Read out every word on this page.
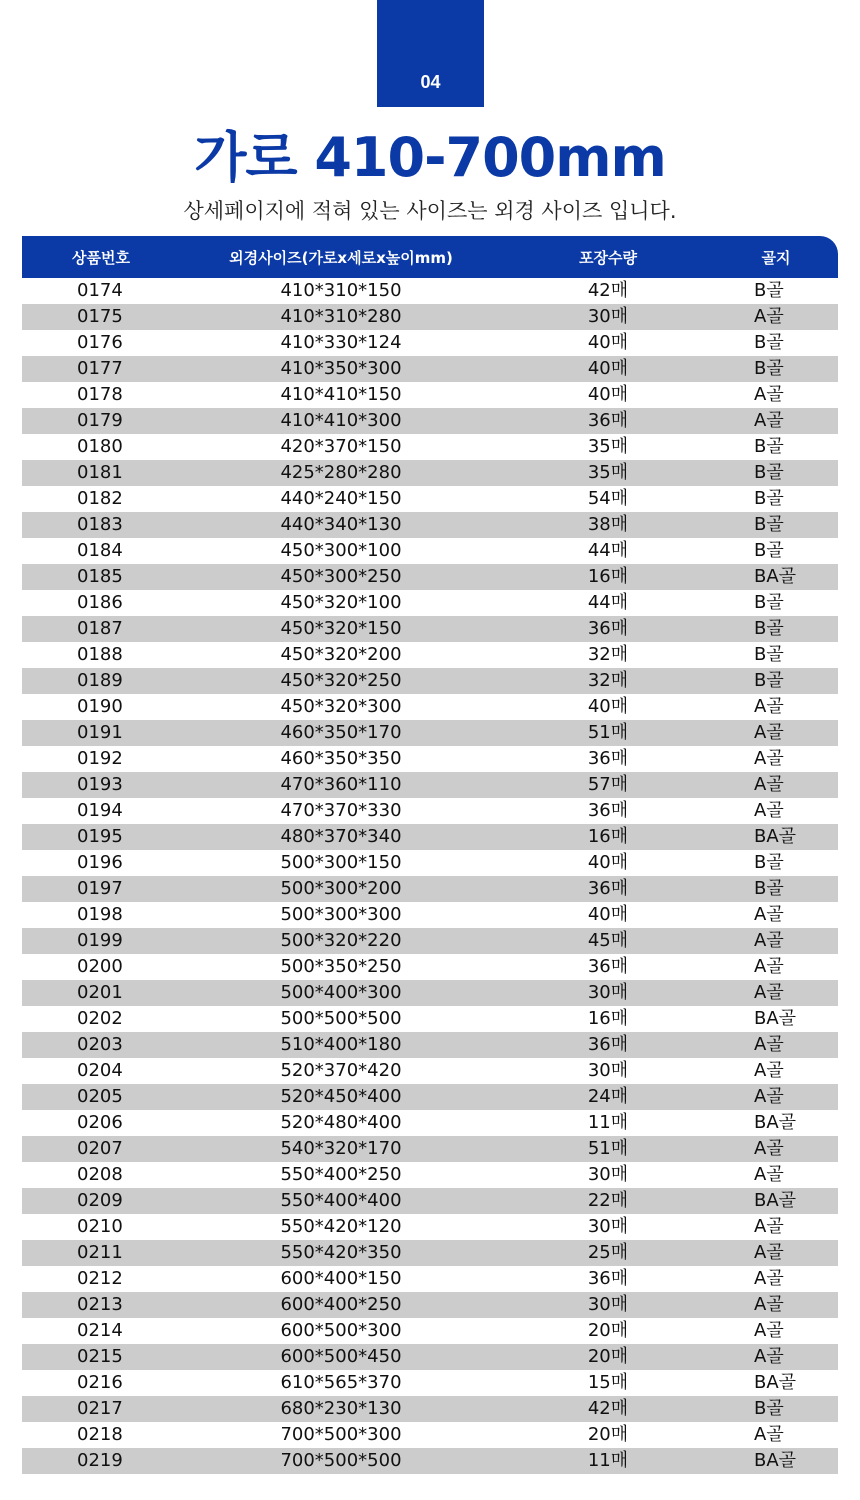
04
가로 410-700mm
상세페이지에 적혀 있는 사이즈는 외경 사이즈 입니다.
상품번호	외경사이즈(가로x세로x높이mm)	포장수량	골지
0174	410*310*150	42매	B골
0175	410*310*280	30매	A골
0176	410*330*124	40매	B골
0177	410*350*300	40매	B골
0178	410*410*150	40매	A골
0179	410*410*300	36매	A골
0180	420*370*150	35매	B골
0181	425*280*280	35매	B골
0182	440*240*150	54매	B골
0183	440*340*130	38매	B골
0184	450*300*100	44매	B골
0185	450*300*250	16매	BA골
0186	450*320*100	44매	B골
0187	450*320*150	36매	B골
0188	450*320*200	32매	B골
0189	450*320*250	32매	B골
0190	450*320*300	40매	A골
0191	460*350*170	51매	A골
0192	460*350*350	36매	A골
0193	470*360*110	57매	A골
0194	470*370*330	36매	A골
0195	480*370*340	16매	BA골
0196	500*300*150	40매	B골
0197	500*300*200	36매	B골
0198	500*300*300	40매	A골
0199	500*320*220	45매	A골
0200	500*350*250	36매	A골
0201	500*400*300	30매	A골
0202	500*500*500	16매	BA골
0203	510*400*180	36매	A골
0204	520*370*420	30매	A골
0205	520*450*400	24매	A골
0206	520*480*400	11매	BA골
0207	540*320*170	51매	A골
0208	550*400*250	30매	A골
0209	550*400*400	22매	BA골
0210	550*420*120	30매	A골
0211	550*420*350	25매	A골
0212	600*400*150	36매	A골
0213	600*400*250	30매	A골
0214	600*500*300	20매	A골
0215	600*500*450	20매	A골
0216	610*565*370	15매	BA골
0217	680*230*130	42매	B골
0218	700*500*300	20매	A골
0219	700*500*500	11매	BA골
